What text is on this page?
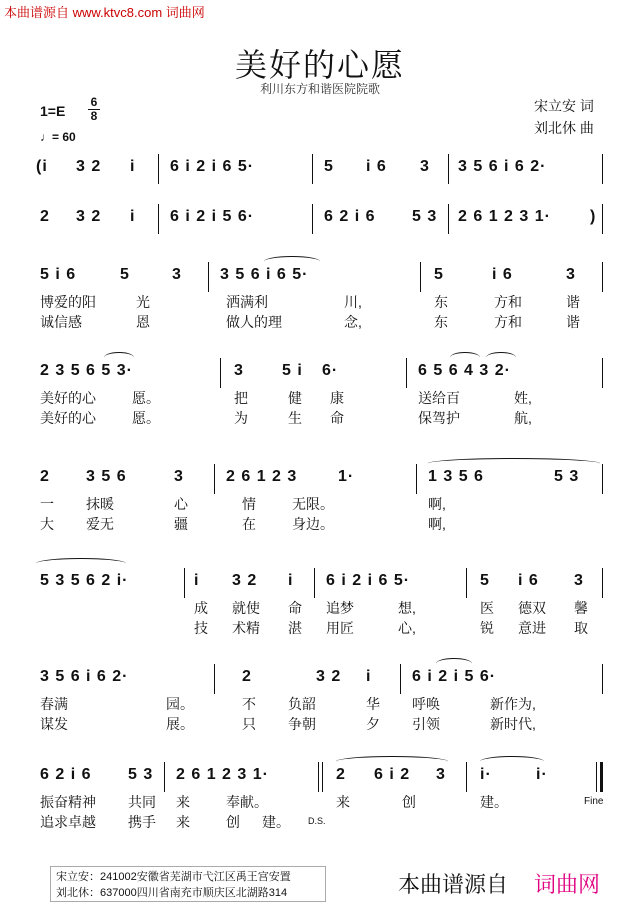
本曲谱源自 www.ktvc8.com 词曲网
美好的心愿
利川东方和谐医院院歌
1=E
6
8
♩= 60
宋立安 词
刘北休 曲
(i 3 2 i 6 i 2 i 6 5·	5 i 6 3 3 5 6 i 6 2·
2 3 2 i 6 i 2 i 5 6·	6 2 i 6 5 3 2 6 1 2 3 1· )
5 i 6	5	3 3 5 6 i 6 5·	5	i 6	3
博爱的阳	光	洒满利	川,	东	方和	谐
诚信感	恩	做人的理	念,	东	方和	谐
2 3 5 6 5 3·	3 5 i 6·	6 5 6 4 3 2·
美好的心	愿。	把	健 康	送给百	姓,
美好的心	愿。	为	生 命	保驾护	航,
2 3 5 6	3	2 6 1 2 3	1·	1 3 5 6	5 3
一 抹暖	心	情	无限。	啊,
大 爱无	疆	在	身边。	啊,
5 3 5 6 2 i·	i 3 2 i 6 i 2 i 6 5·	5 i 6 3
成 就使 命 追梦	想,	医 德双 馨
技 术精 湛 用匠	心,	锐 意进 取
3 5 6 i 6 2·	2	3 2 i	6 i 2 i 5 6·
春满	园。	不 负韶	华 呼唤	新作为,
谋发	展。	只 争朝	夕 引领	新时代,
6 2 i 6 5 3 2 6 1 2 3 1·	2 6 i 2 3 i·	i·
振奋精神 共同 来	奉献。	来	创	建。	Fine
追求卓越 携手 来	创 建。 D.S.
宋立安：241002安徽省芜湖市弋江区禹王宫安置
刘北休：637000四川省南充市顺庆区北湖路314	本曲谱源自 词曲网
